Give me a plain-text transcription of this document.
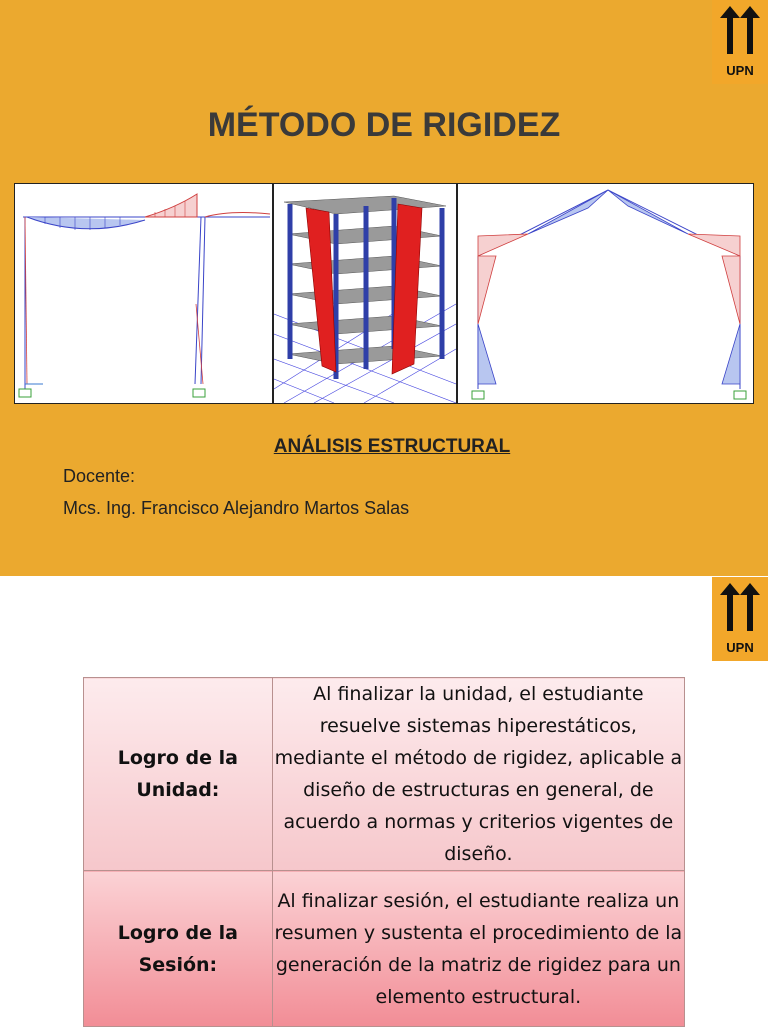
UPN
MÉTODO DE RIGIDEZ
ANÁLISIS ESTRUCTURAL
Docente:
Mcs. Ing. Francisco Alejandro Martos Salas
UPN
Logro de la Unidad:	Al finalizar la unidad, el estudiante resuelve sistemas hiperestáticos, mediante el método de rigidez, aplicable a diseño de estructuras en general, de acuerdo a normas y criterios vigentes de diseño.
Logro de la Sesión:	Al finalizar sesión, el estudiante realiza un resumen y sustenta el procedimiento de la generación de la matriz de rigidez para un elemento estructural.
